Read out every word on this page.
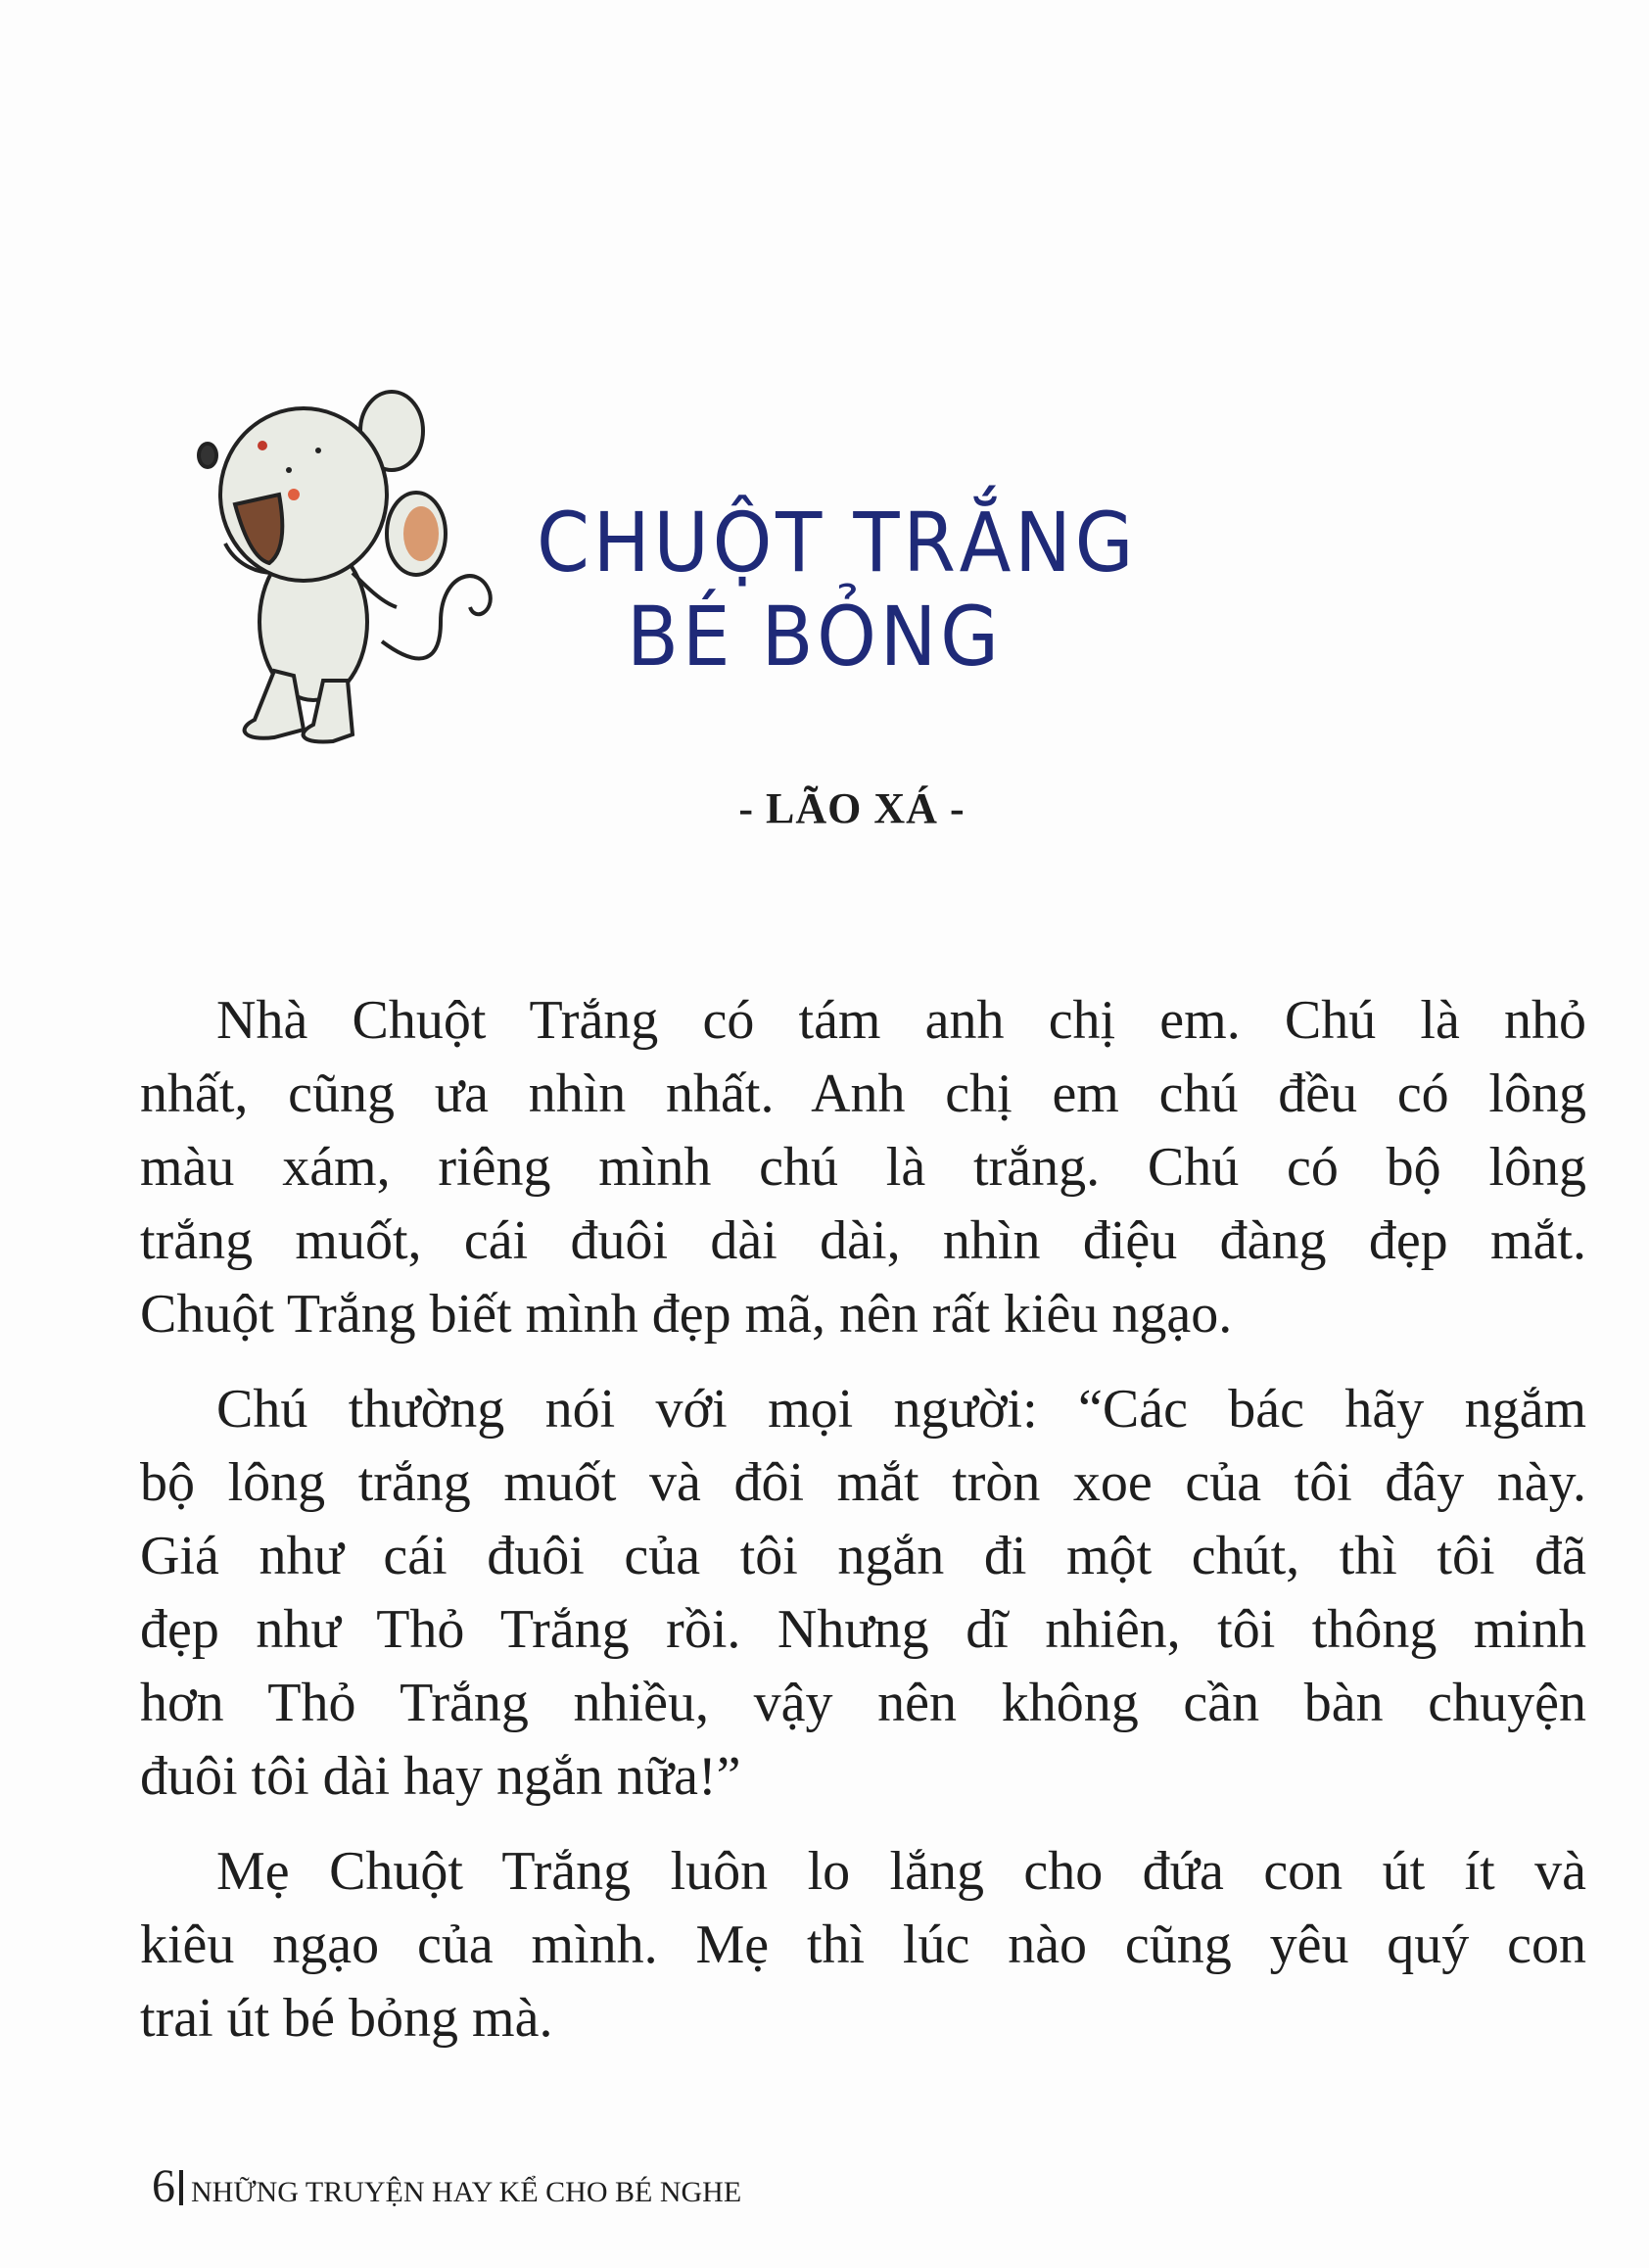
CHUỘT TRẮNG
BÉ BỎNG
- LÃO XÁ -
Nhà Chuột Trắng có tám anh chị em. Chú là nhỏ
nhất, cũng ưa nhìn nhất. Anh chị em chú đều có lông
màu xám, riêng mình chú là trắng. Chú có bộ lông
trắng muốt, cái đuôi dài dài, nhìn điệu đàng đẹp mắt.
Chuột Trắng biết mình đẹp mã, nên rất kiêu ngạo.
Chú thường nói với mọi người: “Các bác hãy ngắm
bộ lông trắng muốt và đôi mắt tròn xoe của tôi đây này.
Giá như cái đuôi của tôi ngắn đi một chút, thì tôi đã
đẹp như Thỏ Trắng rồi. Nhưng dĩ nhiên, tôi thông minh
hơn Thỏ Trắng nhiều, vậy nên không cần bàn chuyện
đuôi tôi dài hay ngắn nữa!”
Mẹ Chuột Trắng luôn lo lắng cho đứa con út ít và
kiêu ngạo của mình. Mẹ thì lúc nào cũng yêu quý con
trai út bé bỏng mà.
6 NHỮNG TRUYỆN HAY KỂ CHO BÉ NGHE
